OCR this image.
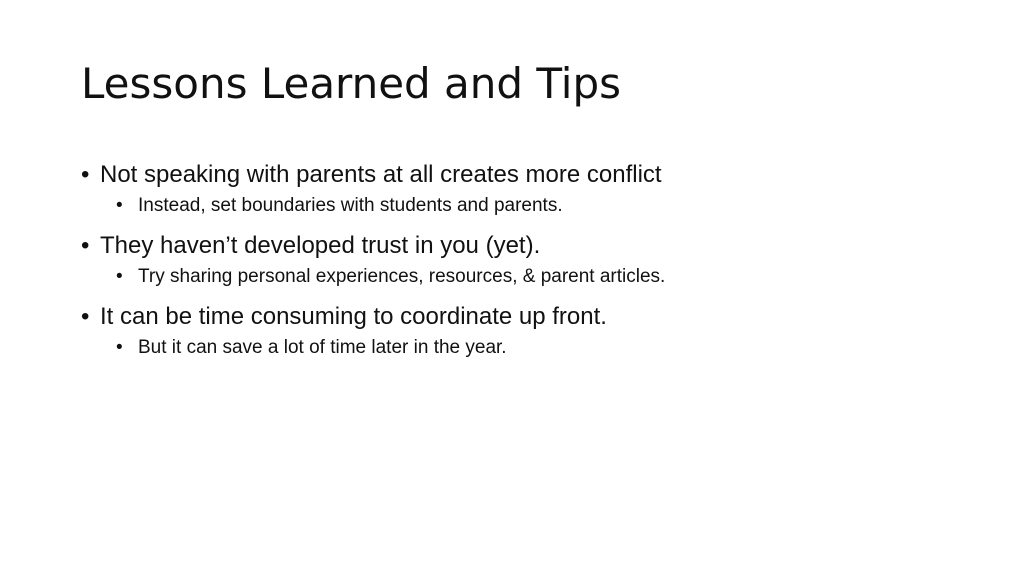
Lessons Learned and Tips
• Not speaking with parents at all creates more conflict
• Instead, set boundaries with students and parents.
• They haven’t developed trust in you (yet).
• Try sharing personal experiences, resources, & parent articles.
• It can be time consuming to coordinate up front.
• But it can save a lot of time later in the year.
